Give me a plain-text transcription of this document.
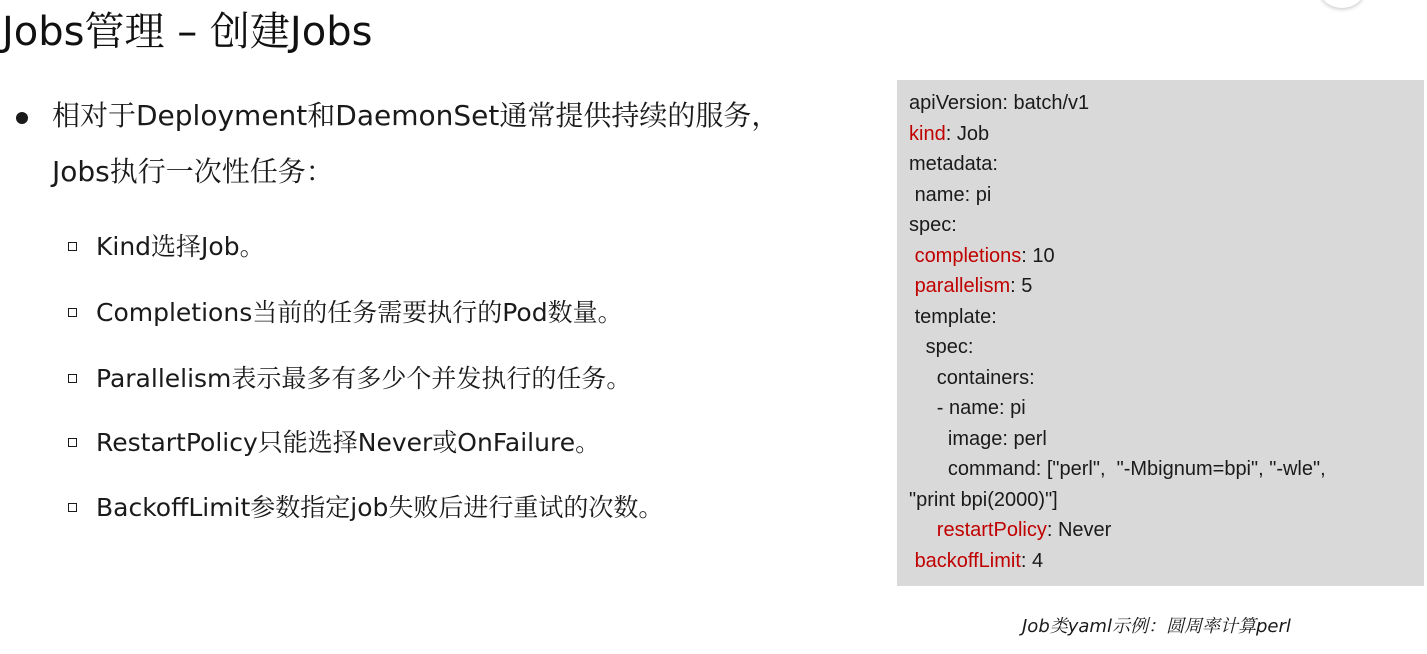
Jobs管理 – 创建Jobs
相对于Deployment和DaemonSet通常提供持续的服务，Jobs执行一次性任务：
Kind选择Job。
Completions当前的任务需要执行的Pod数量。
Parallelism表示最多有多少个并发执行的任务。
RestartPolicy只能选择Never或OnFailure。
BackoffLimit参数指定job失败后进行重试的次数。
apiVersion: batch/v1
kind: Job
metadata:
name: pi
spec:
completions: 10
parallelism: 5
template:
spec:
containers:
- name: pi
image: perl
command: ["perl",  "-Mbignum=bpi", "-wle",
"print bpi(2000)"]
restartPolicy: Never
backoffLimit: 4
Job类yaml示例：圆周率计算perl
